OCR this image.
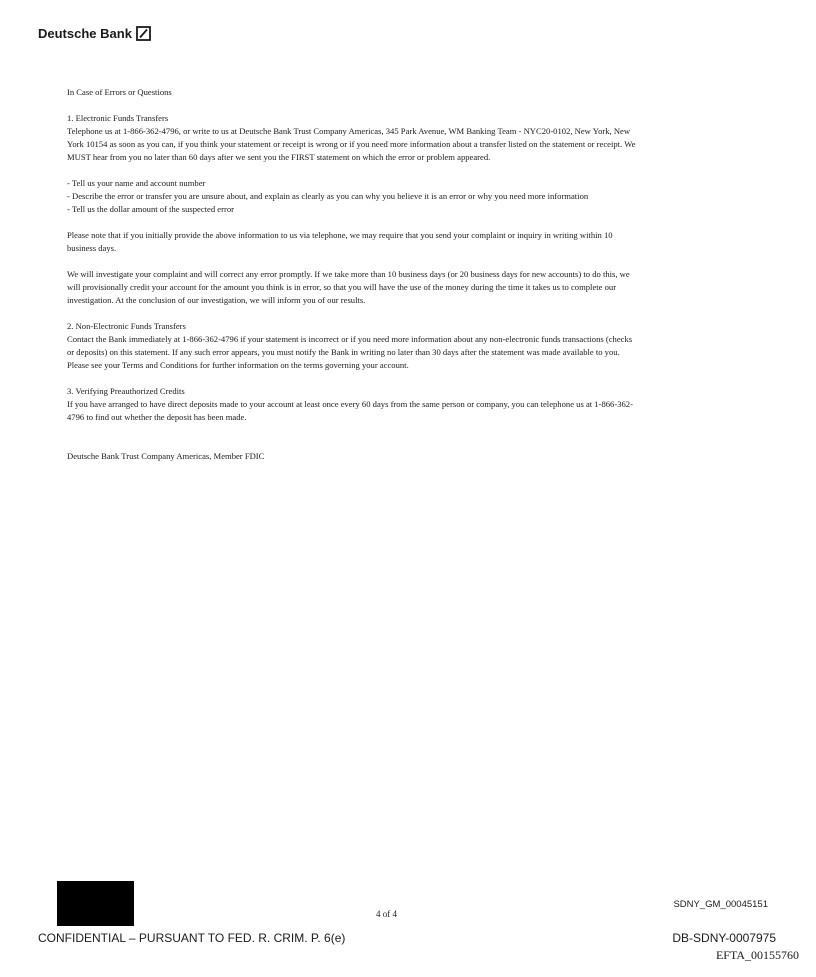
Deutsche Bank

In Case of Errors or Questions

1. Electronic Funds Transfers
Telephone us at 1-866-362-4796, or write to us at Deutsche Bank Trust Company Americas, 345 Park Avenue, WM Banking Team - NYC20-0102, New York, New York 10154 as soon as you can, if you think your statement or receipt is wrong or if you need more information about a transfer listed on the statement or receipt. We MUST hear from you no later than 60 days after we sent you the FIRST statement on which the error or problem appeared.
- Tell us your name and account number
- Describe the error or transfer you are unsure about, and explain as clearly as you can why you believe it is an error or why you need more information
- Tell us the dollar amount of the suspected error

Please note that if you initially provide the above information to us via telephone, we may require that you send your complaint or inquiry in writing within 10 business days.

We will investigate your complaint and will correct any error promptly. If we take more than 10 business days (or 20 business days for new accounts) to do this, we will provisionally credit your account for the amount you think is in error, so that you will have the use of the money during the time it takes us to complete our investigation. At the conclusion of our investigation, we will inform you of our results.

2. Non-Electronic Funds Transfers
Contact the Bank immediately at 1-866-362-4796 if your statement is incorrect or if you need more information about any non-electronic funds transactions (checks or deposits) on this statement. If any such error appears, you must notify the Bank in writing no later than 30 days after the statement was made available to you. Please see your Terms and Conditions for further information on the terms governing your account.
3. Verifying Preauthorized Credits
If you have arranged to have direct deposits made to your account at least once every 60 days from the same person or company, you can telephone us at 1-866-362-4796 to find out whether the deposit has been made.

Deutsche Bank Trust Company Americas, Member FDIC

4 of 4
SDNY_GM_00045151
CONFIDENTIAL – PURSUANT TO FED. R. CRIM. P. 6(e)	DB-SDNY-0007975
EFTA_00155760
